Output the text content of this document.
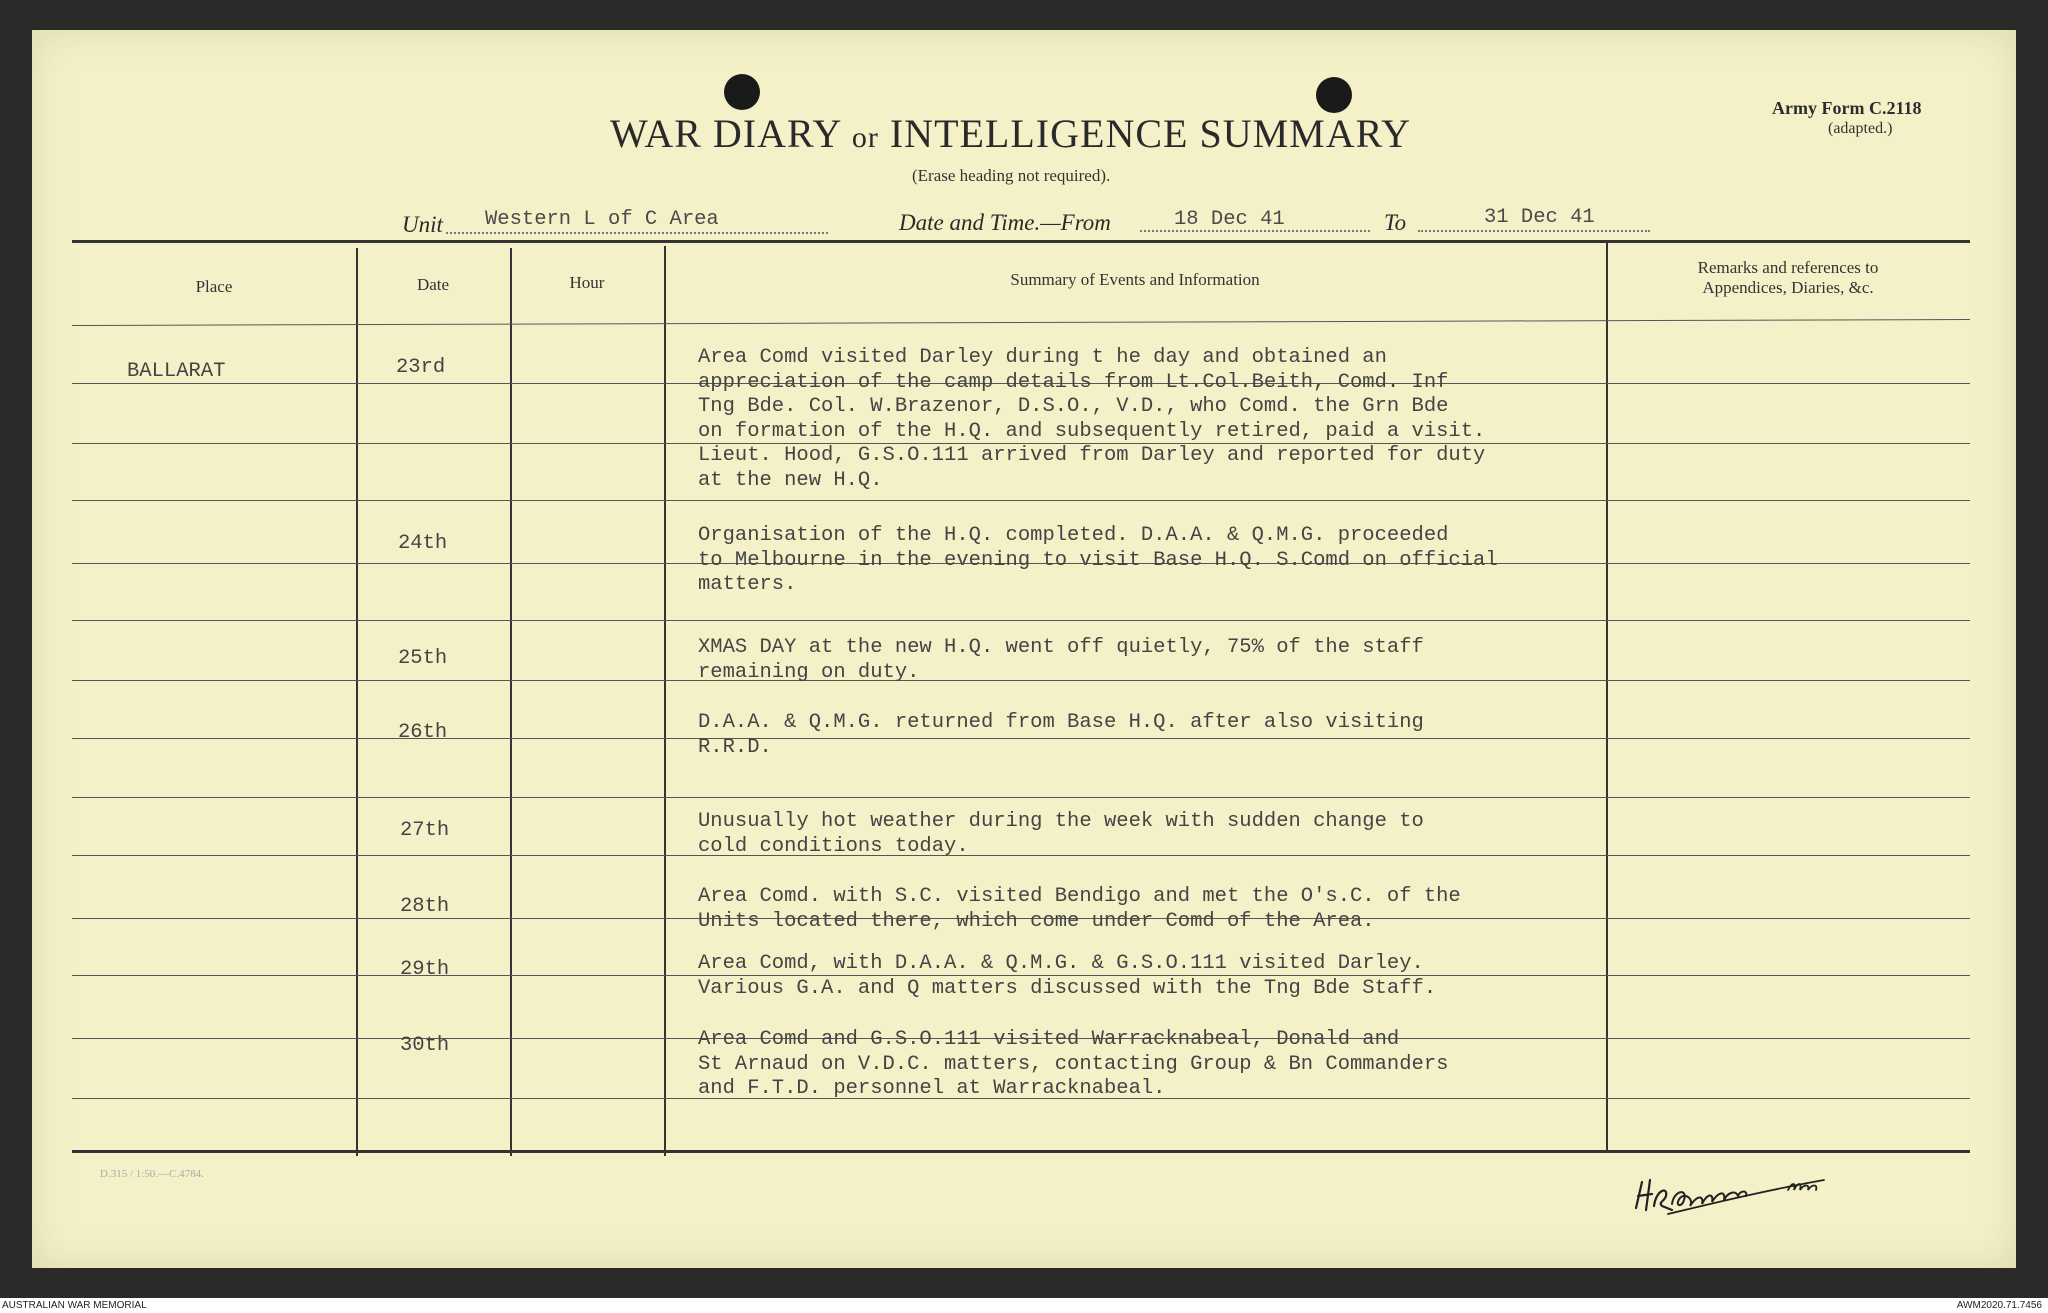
WAR DIARY or INTELLIGENCE SUMMARY
(Erase heading not required).
Army Form C.2118
(adapted.)
Unit Western L of C Area	Date and Time.—From	18 Dec 41	To	31 Dec 41
Place	Date	Hour	Summary of Events and Information
Remarks and references to
Appendices, Diaries, &c.
BALLARAT	23rd	Area Comd visited Darley during t he day and obtained an
appreciation of the camp details from Lt.Col.Beith, Comd. Inf
Tng Bde. Col. W.Brazenor, D.S.O., V.D., who Comd. the Grn Bde
on formation of the H.Q. and subsequently retired, paid a visit.
Lieut. Hood, G.S.O.111 arrived from Darley and reported for duty
at the new H.Q.
24th	Organisation of the H.Q. completed. D.A.A. & Q.M.G. proceeded
to Melbourne in the evening to visit Base H.Q. S.Comd on official
matters.
25th	XMAS DAY at the new H.Q. went off quietly, 75% of the staff
remaining on duty.
26th	D.A.A. & Q.M.G. returned from Base H.Q. after also visiting
R.R.D.
27th	Unusually hot weather during the week with sudden change to
cold conditions today.
28th	Area Comd. with S.C. visited Bendigo and met the O's.C. of the
Units located there, which come under Comd of the Area.
29th	Area Comd, with D.A.A. & Q.M.G. & G.S.O.111 visited Darley.
Various G.A. and Q matters discussed with the Tng Bde Staff.
30th	Area Comd and G.S.O.111 visited Warracknabeal, Donald and
St Arnaud on V.D.C. matters, contacting Group & Bn Commanders
and F.T.D. personnel at Warracknabeal.
D.315 / 1:50.—C.4784.
AUSTRALIAN WAR MEMORIAL	AWM2020.71.7456
